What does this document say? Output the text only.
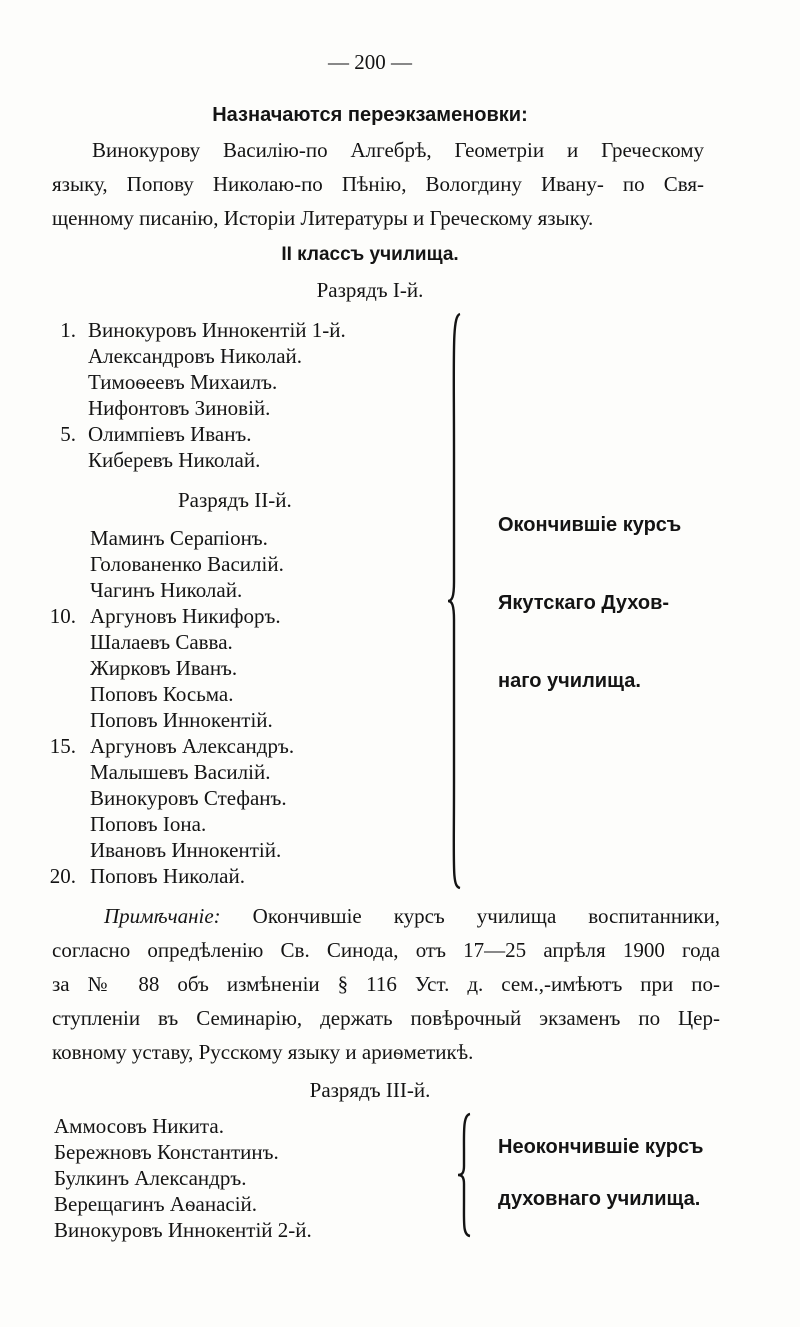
— 200 —
Назначаются переэкзаменовки:
Винокурову Василію-по Алгебрѣ, Геометріи и Греческому
языку, Попову Николаю-по Пѣнію, Вологдину Ивану- по Свя-
щенному писанію, Исторіи Литературы и Греческому языку.
II классъ училища.
Разрядъ I-й.
1. Винокуровъ Иннокентій 1-й.
Александровъ Николай.
Тимоѳеевъ Михаилъ.
Нифонтовъ Зиновій.
5. Олимпіевъ Иванъ.
Киберевъ Николай.
Разрядъ II-й.
Маминъ Серапіонъ.
Голованенко Василій.
Чагинъ Николай.
10. Аргуновъ Никифоръ.
Шалаевъ Савва.
Жирковъ Иванъ.
Поповъ Косьма.
Поповъ Иннокентій.
15. Аргуновъ Александръ.
Малышевъ Василій.
Винокуровъ Стефанъ.
Поповъ Іона.
Ивановъ Иннокентій.
20. Поповъ Николай.
Окончившіе курсъ
Якутскаго Духов-
наго училища.
Примѣчаніе: Окончившіе курсъ училища воспитанники,
согласно опредѣленію Св. Синода, отъ 17—25 апрѣля 1900 года
за № 88 объ измѣненіи § 116 Уст. д. сем.,-имѣютъ при по-
ступленіи въ Семинарію, держать повѣрочный экзаменъ по Цер-
ковному уставу, Русскому языку и ариѳметикѣ.
Разрядъ III-й.
Аммосовъ Никита.
Бережновъ Константинъ.
Булкинъ Александръ.
Верещагинъ Аѳанасій.
Винокуровъ Иннокентій 2-й.
Неокончившіе курсъ
духовнаго училища.
